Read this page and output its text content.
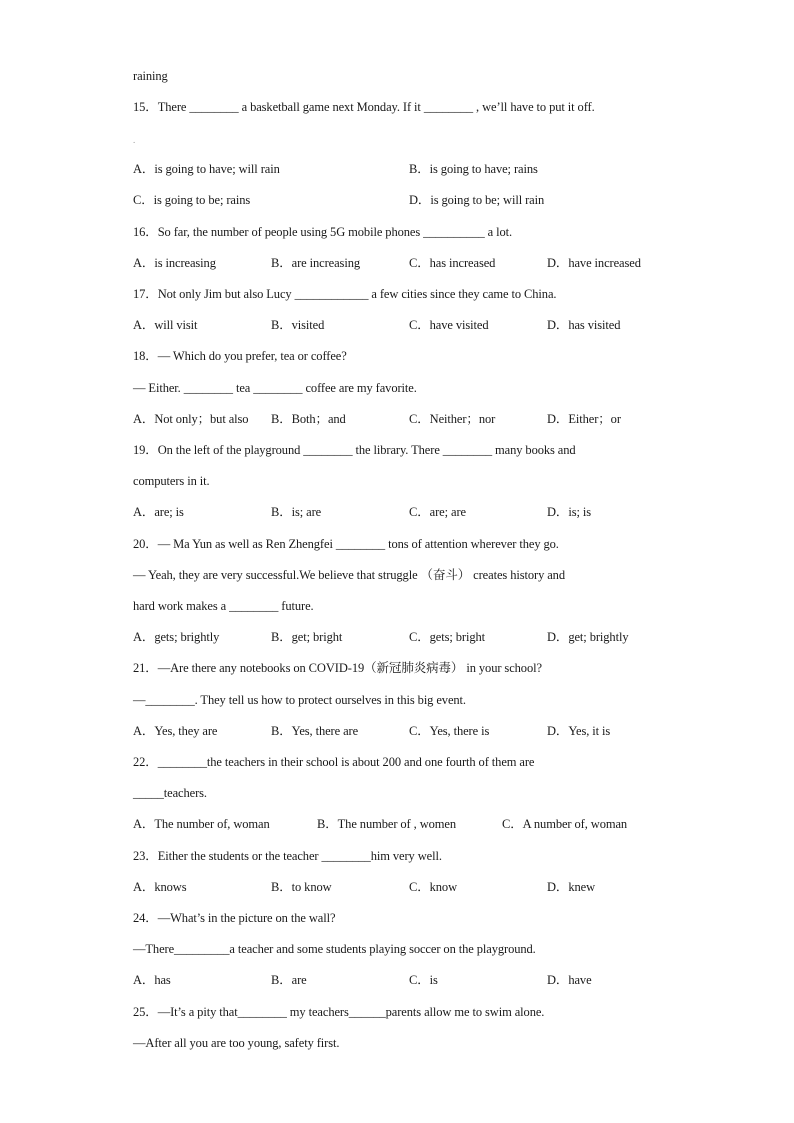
raining
15．There ________ a basketball game next Monday. If it ________ , we’ll have to put it off.
.
A．is going to have; will rain	B．is going to have; rains
C．is going to be; rains	D．is going to be; will rain
16．So far, the number of people using 5G mobile phones __________ a lot.
A．is increasing	B．are increasing	C．has increased	D．have increased
17．Not only Jim but also Lucy ____________ a few cities since they came to China.
A．will visit	B．visited	C．have visited	D．has visited
18．— Which do you prefer, tea or coffee?
— Either. ________ tea ________ coffee are my favorite.
A．Not only；but also B．Both；and	C．Neither；nor	D．Either；or
19．On the left of the playground ________ the library. There ________ many books and
computers in it.
A．are; is	B．is; are	C．are; are	D．is; is
20．— Ma Yun as well as Ren Zhengfei ________ tons of attention wherever they go.
— Yeah, they are very successful.We believe that struggle （奋斗） creates history and
hard work makes a ________ future.
A．gets; brightly	B．get; bright	C．gets; bright	D．get; brightly
21．—Are there any notebooks on COVID-19（新冠肺炎病毒） in your school?
—________. They tell us how to protect ourselves in this big event.
A．Yes, they are	B．Yes, there are	C．Yes, there is	D．Yes, it is
22．________the teachers in their school is about 200 and one fourth of them are
_____teachers.
A．The number of, woman	B．The number of , women	C．A number of, woman
23．Either the students or the teacher ________him very well.
A．knows	B．to know	C．know	D．knew
24．—What’s in the picture on the wall?
—There_________a teacher and some students playing soccer on the playground.
A．has	B．are	C．is	D．have
25．—It’s a pity that________ my teachers______parents allow me to swim alone.
—After all you are too young, safety first.
